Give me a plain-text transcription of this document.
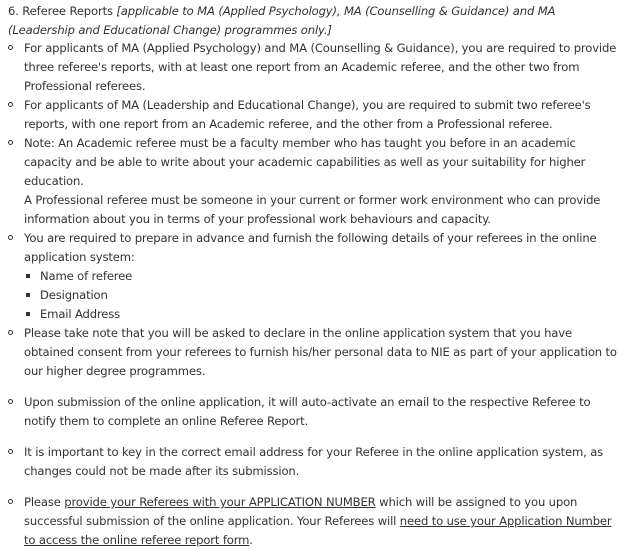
6. Referee Reports [applicable to MA (Applied Psychology), MA (Counselling & Guidance) and MA (Leadership and Educational Change) programmes only.]
For applicants of MA (Applied Psychology) and MA (Counselling & Guidance), you are required to provide three referee's reports, with at least one report from an Academic referee, and the other two from Professional referees.
For applicants of MA (Leadership and Educational Change), you are required to submit two referee's reports, with one report from an Academic referee, and the other from a Professional referee.
Note: An Academic referee must be a faculty member who has taught you before in an academic capacity and be able to write about your academic capabilities as well as your suitability for higher education.
A Professional referee must be someone in your current or former work environment who can provide information about you in terms of your professional work behaviours and capacity.
You are required to prepare in advance and furnish the following details of your referees in the online application system:
Name of referee
Designation
Email Address
Please take note that you will be asked to declare in the online application system that you have obtained consent from your referees to furnish his/her personal data to NIE as part of your application to our higher degree programmes.
Upon submission of the online application, it will auto-activate an email to the respective Referee to notify them to complete an online Referee Report.
It is important to key in the correct email address for your Referee in the online application system, as changes could not be made after its submission.
Please provide your Referees with your APPLICATION NUMBER which will be assigned to you upon successful submission of the online application. Your Referees will need to use your Application Number to access the online referee report form.
